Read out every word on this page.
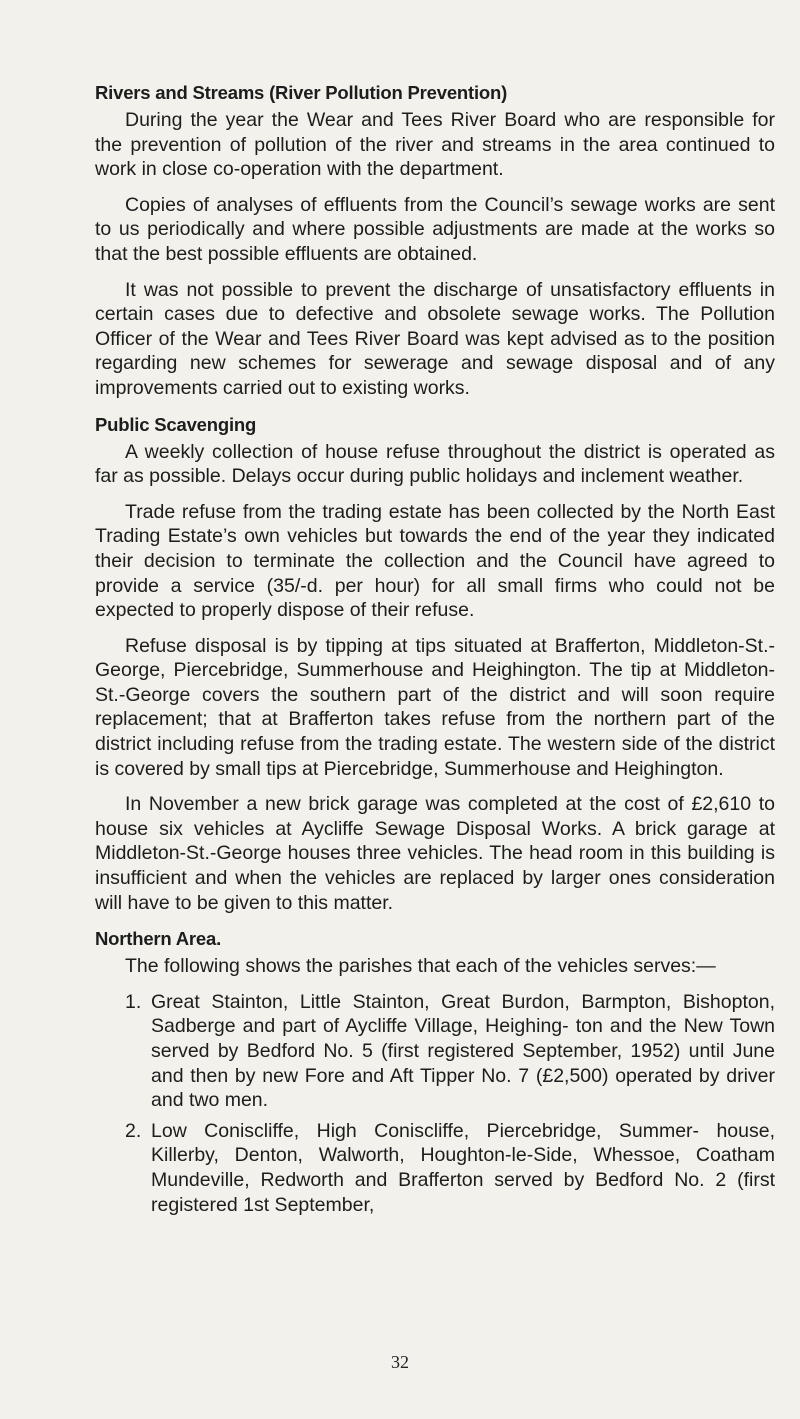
Rivers and Streams (River Pollution Prevention)

During the year the Wear and Tees River Board who are responsible for the prevention of pollution of the river and streams in the area continued to work in close co-operation with the department.

Copies of analyses of effluents from the Council’s sewage works are sent to us periodically and where possible adjustments are made at the works so that the best possible effluents are obtained.

It was not possible to prevent the discharge of unsatisfactory effluents in certain cases due to defective and obsolete sewage works. The Pollution Officer of the Wear and Tees River Board was kept advised as to the position regarding new schemes for sewerage and sewage disposal and of any improvements carried out to existing works.

Public Scavenging

A weekly collection of house refuse throughout the district is operated as far as possible. Delays occur during public holidays and inclement weather.

Trade refuse from the trading estate has been collected by the North East Trading Estate’s own vehicles but towards the end of the year they indicated their decision to terminate the collection and the Council have agreed to provide a service (35/-d. per hour) for all small firms who could not be expected to properly dispose of their refuse.

Refuse disposal is by tipping at tips situated at Brafferton, Middleton-St.-George, Piercebridge, Summerhouse and Heighington. The tip at Middleton-St.-George covers the southern part of the district and will soon require replacement; that at Brafferton takes refuse from the northern part of the district including refuse from the trading estate. The western side of the district is covered by small tips at Piercebridge, Summerhouse and Heighington.

In November a new brick garage was completed at the cost of £2,610 to house six vehicles at Aycliffe Sewage Disposal Works. A brick garage at Middleton-St.-George houses three vehicles. The head room in this building is insufficient and when the vehicles are replaced by larger ones consideration will have to be given to this matter.

Northern Area.

The following shows the parishes that each of the vehicles serves:—

1. Great Stainton, Little Stainton, Great Burdon, Barmpton, Bishopton, Sadberge and part of Aycliffe Village, Heighing- ton and the New Town served by Bedford No. 5 (first registered September, 1952) until June and then by new Fore and Aft Tipper No. 7 (£2,500) operated by driver and two men.
2. Low Coniscliffe, High Coniscliffe, Piercebridge, Summer- house, Killerby, Denton, Walworth, Houghton-le-Side, Whessoe, Coatham Mundeville, Redworth and Brafferton served by Bedford No. 2 (first registered 1st September,
32
